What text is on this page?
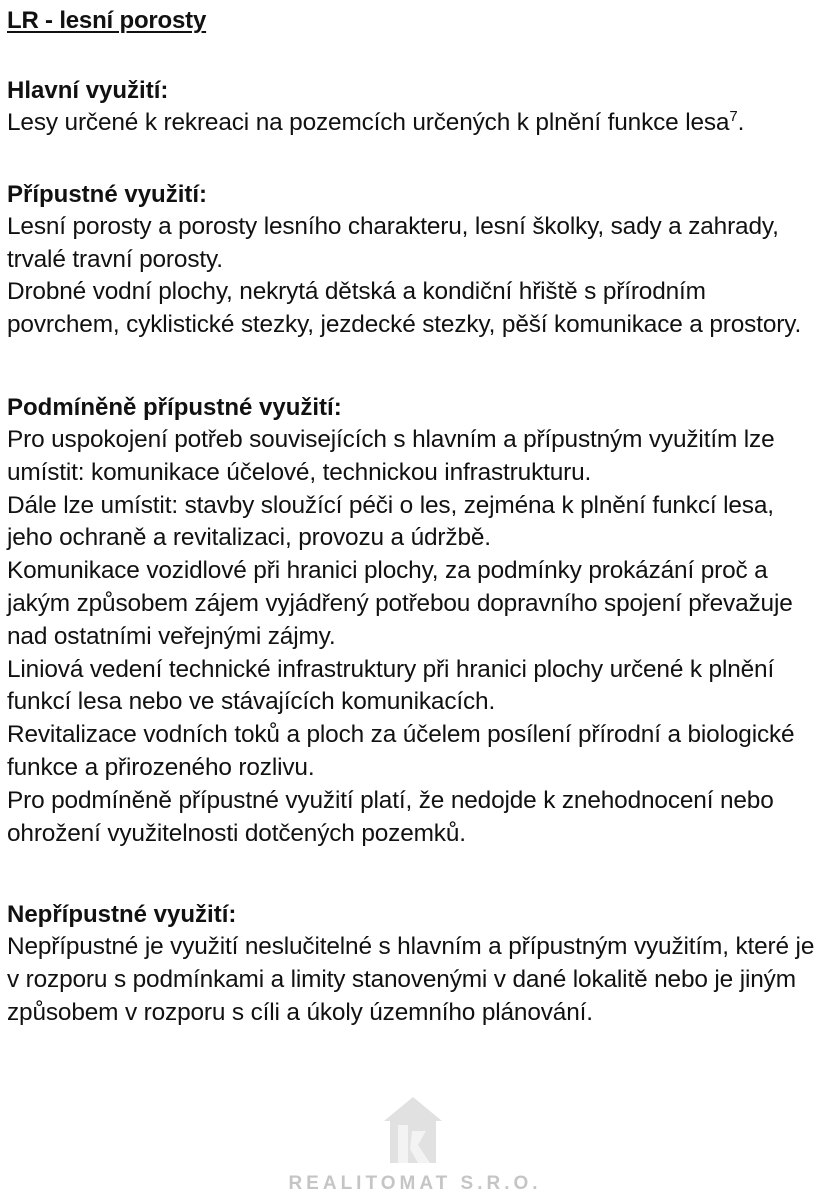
LR - lesní porosty
Hlavní využití:

Lesy určené k rekreaci na pozemcích určených k plnění funkce lesa$^7$.

Přípustné využití:

Lesní porosty a porosty lesního charakteru, lesní školky, sady a zahrady, trvalé travní porosty.

Drobné vodní plochy, nekrytá dětská a kondiční hřiště s přírodním povrchem, cyklistické stezky, jezdecké stezky, pěší komunikace a prostory.

Podmíněně přípustné využití:

Pro uspokojení potřeb souvisejících s hlavním a přípustným využitím lze umístit: komunikace účelové, technickou infrastrukturu.

Dále lze umístit: stavby sloužící péči o les, zejména k plnění funkcí lesa, jeho ochraně a revitalizaci, provozu a údržbě.

Komunikace vozidlové při hranici plochy, za podmínky prokázání proč a jakým způsobem zájem vyjádřený potřebou dopravního spojení převažuje nad ostatními veřejnými zájmy.

Liniová vedení technické infrastruktury při hranici plochy určené k plnění funkcí lesa nebo ve stávajících komunikacích.

Revitalizace vodních toků a ploch za účelem posílení přírodní a biologické funkce a přirozeného rozlivu.

Pro podmíněně přípustné využití platí, že nedojde k znehodnocení nebo ohrožení využitelnosti dotčených pozemků.

Nepřípustné využití:

Nepřípustné je využití neslučitelné s hlavním a přípustným využitím, které je v rozporu s podmínkami a limity stanovenými v dané lokalitě nebo je jiným způsobem v rozporu s cíli a úkoly územního plánování.

REALITOMAT S.R.O.
